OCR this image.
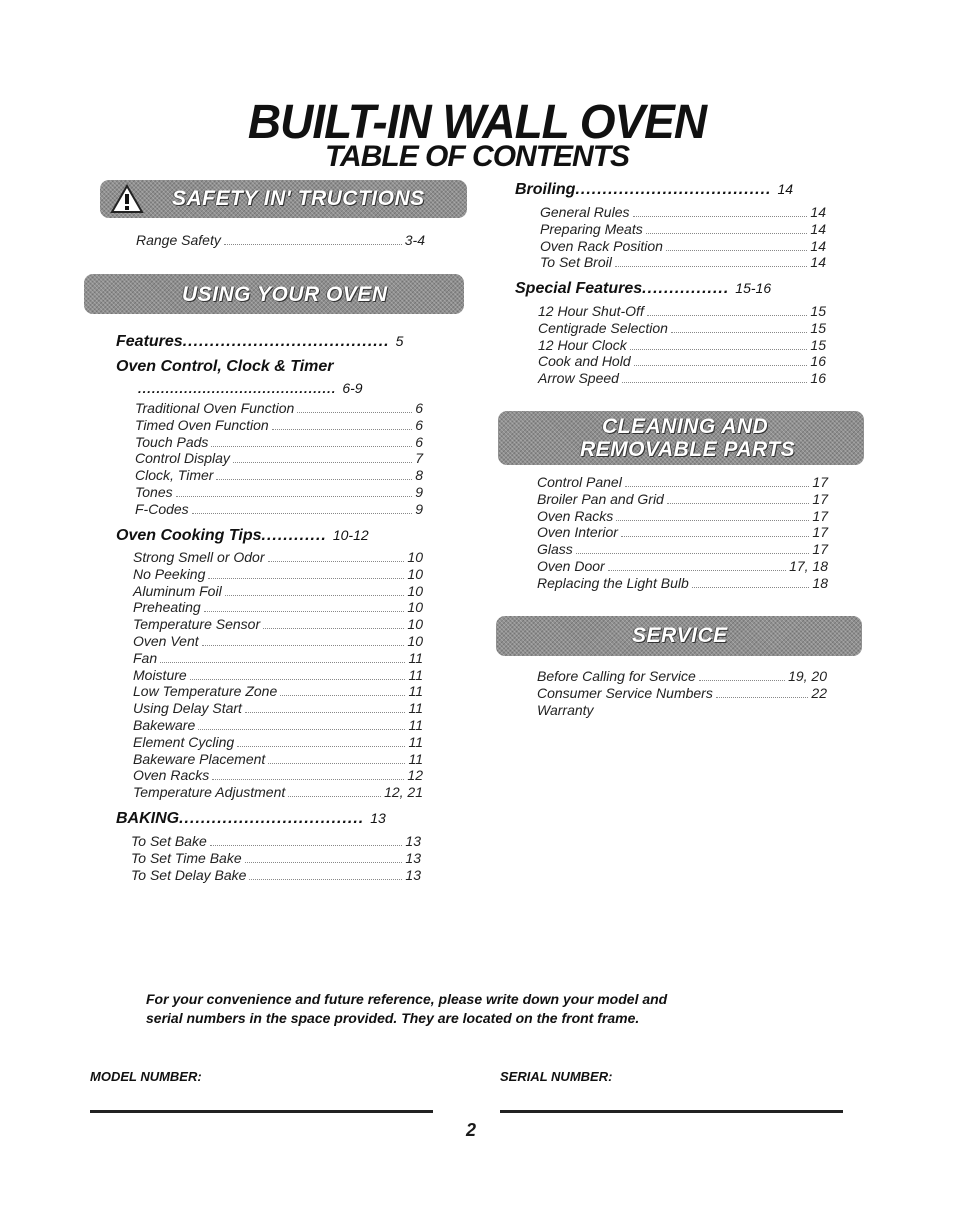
BUILT-IN WALL OVEN
TABLE OF CONTENTS
SAFETY IN' TRUCTIONS
Range Safety	3-4
USING YOUR OVEN
Features...................................... 5
Oven Control, Clock & Timer
........................................... 6-9
Traditional Oven Function	6
Timed Oven Function	6
Touch Pads	6
Control Display	7
Clock, Timer	8
Tones	9
F-Codes	9
Oven Cooking Tips............ 10-12
Strong Smell or Odor	10
No Peeking	10
Aluminum Foil	10
Preheating	10
Temperature Sensor	10
Oven Vent	10
Fan	11
Moisture	11
Low Temperature Zone	11
Using Delay Start	11
Bakeware	11
Element Cycling	11
Bakeware Placement	11
Oven Racks	12
Temperature Adjustment	12, 21
BAKING.................................. 13
To Set Bake	13
To Set Time Bake	13
To Set Delay Bake	13
Broiling.................................... 14
General Rules	14
Preparing Meats	14
Oven Rack Position	14
To Set Broil	14
Special Features................ 15-16
12 Hour Shut-Off	15
Centigrade Selection	15
12 Hour Clock	15
Cook and Hold	16
Arrow Speed	16
CLEANING AND
REMOVABLE PARTS
Control Panel	17
Broiler Pan and Grid	17
Oven Racks	17
Oven Interior	17
Glass	17
Oven Door	17, 18
Replacing the Light Bulb	18
SERVICE
Before Calling for Service	19, 20
Consumer Service Numbers	22
Warranty
For your convenience and future reference, please write down your model and
serial numbers in the space provided. They are located on the front frame.
MODEL NUMBER:	SERIAL NUMBER:
2
